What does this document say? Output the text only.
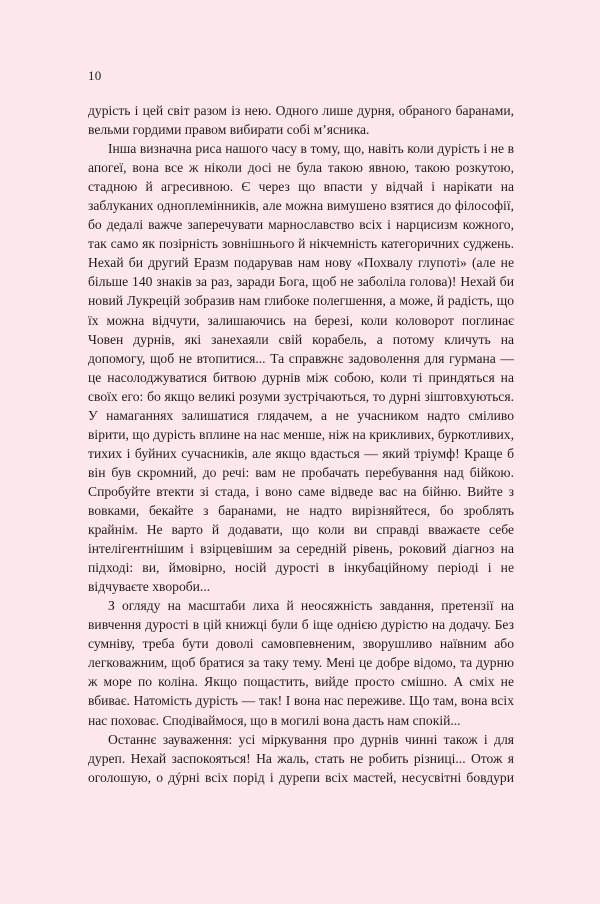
10

дурість і цей світ разом із нею. Одного лише дурня, обраного баранами, вельми гордими правом вибирати собі м’ясника.

Інша визначна риса нашого часу в тому, що, навіть коли дурість і не в апогеї, вона все ж ніколи досі не була такою явною, такою розкутою, стадною й агресивною. Є через що впасти у відчай і нарікати на заблуканих одноплемінників, але можна вимушено взятися до філософії, бо дедалі важче заперечувати марнославство всіх і нарцисизм кожного, так само як позірність зовнішнього й нікчемність категоричних суджень. Нехай би другий Еразм подарував нам нову «Похвалу глупоті» (але не більше 140 знаків за раз, заради Бога, щоб не заболіла голова)! Нехай би новий Лукрецій зобразив нам глибоке полегшення, а може, й радість, що їх можна відчути, залишаючись на березі, коли коловорот поглинає Човен дурнів, які занехаяли свій корабель, а потому кличуть на допомогу, щоб не втопитися... Та справжнє задоволення для гурмана — це насолоджуватися битвою дурнів між собою, коли ті приндяться на своїх его: бо якщо великі розуми зустрічаються, то дурні зіштовхуються. У намаганнях залишатися глядачем, а не учасником надто сміливо вірити, що дурість вплине на нас менше, ніж на крикливих, буркотливих, тихих і буйних сучасників, але якщо вдасться — який тріумф! Краще б він був скромний, до речі: вам не пробачать перебування над бійкою. Спробуйте втекти зі стада, і воно саме відведе вас на бійню. Вийте з вовками, бекайте з баранами, не надто вирізняйтеся, бо зроблять крайнім. Не варто й додавати, що коли ви справді вважаєте себе інтелігентнішим і взірцевішим за середній рівень, роковий діагноз на підході: ви, ймовірно, носій дурості в інкубаційному періоді і не відчуваєте хвороби...

З огляду на масштаби лиха й неосяжність завдання, претензії на вивчення дурості в цій книжці були б іще однією дурістю на додачу. Без сумніву, треба бути доволі самовпевненим, зворушливо наївним або легковажним, щоб братися за таку тему. Мені це добре відомо, та дурню ж море по коліна. Якщо пощастить, вийде просто смішно. А сміх не вбиває. Натомість дурість — так! І вона нас переживе. Що там, вона всіх нас поховає. Сподіваймося, що в могилі вона дасть нам спокій...

Останнє зауваження: усі міркування про дурнів чинні також і для дуреп. Нехай заспокояться! На жаль, стать не робить різниці... Отож я оголошую, о дýрні всіх порід і дурепи всіх мастей, несусвітні бовдури
